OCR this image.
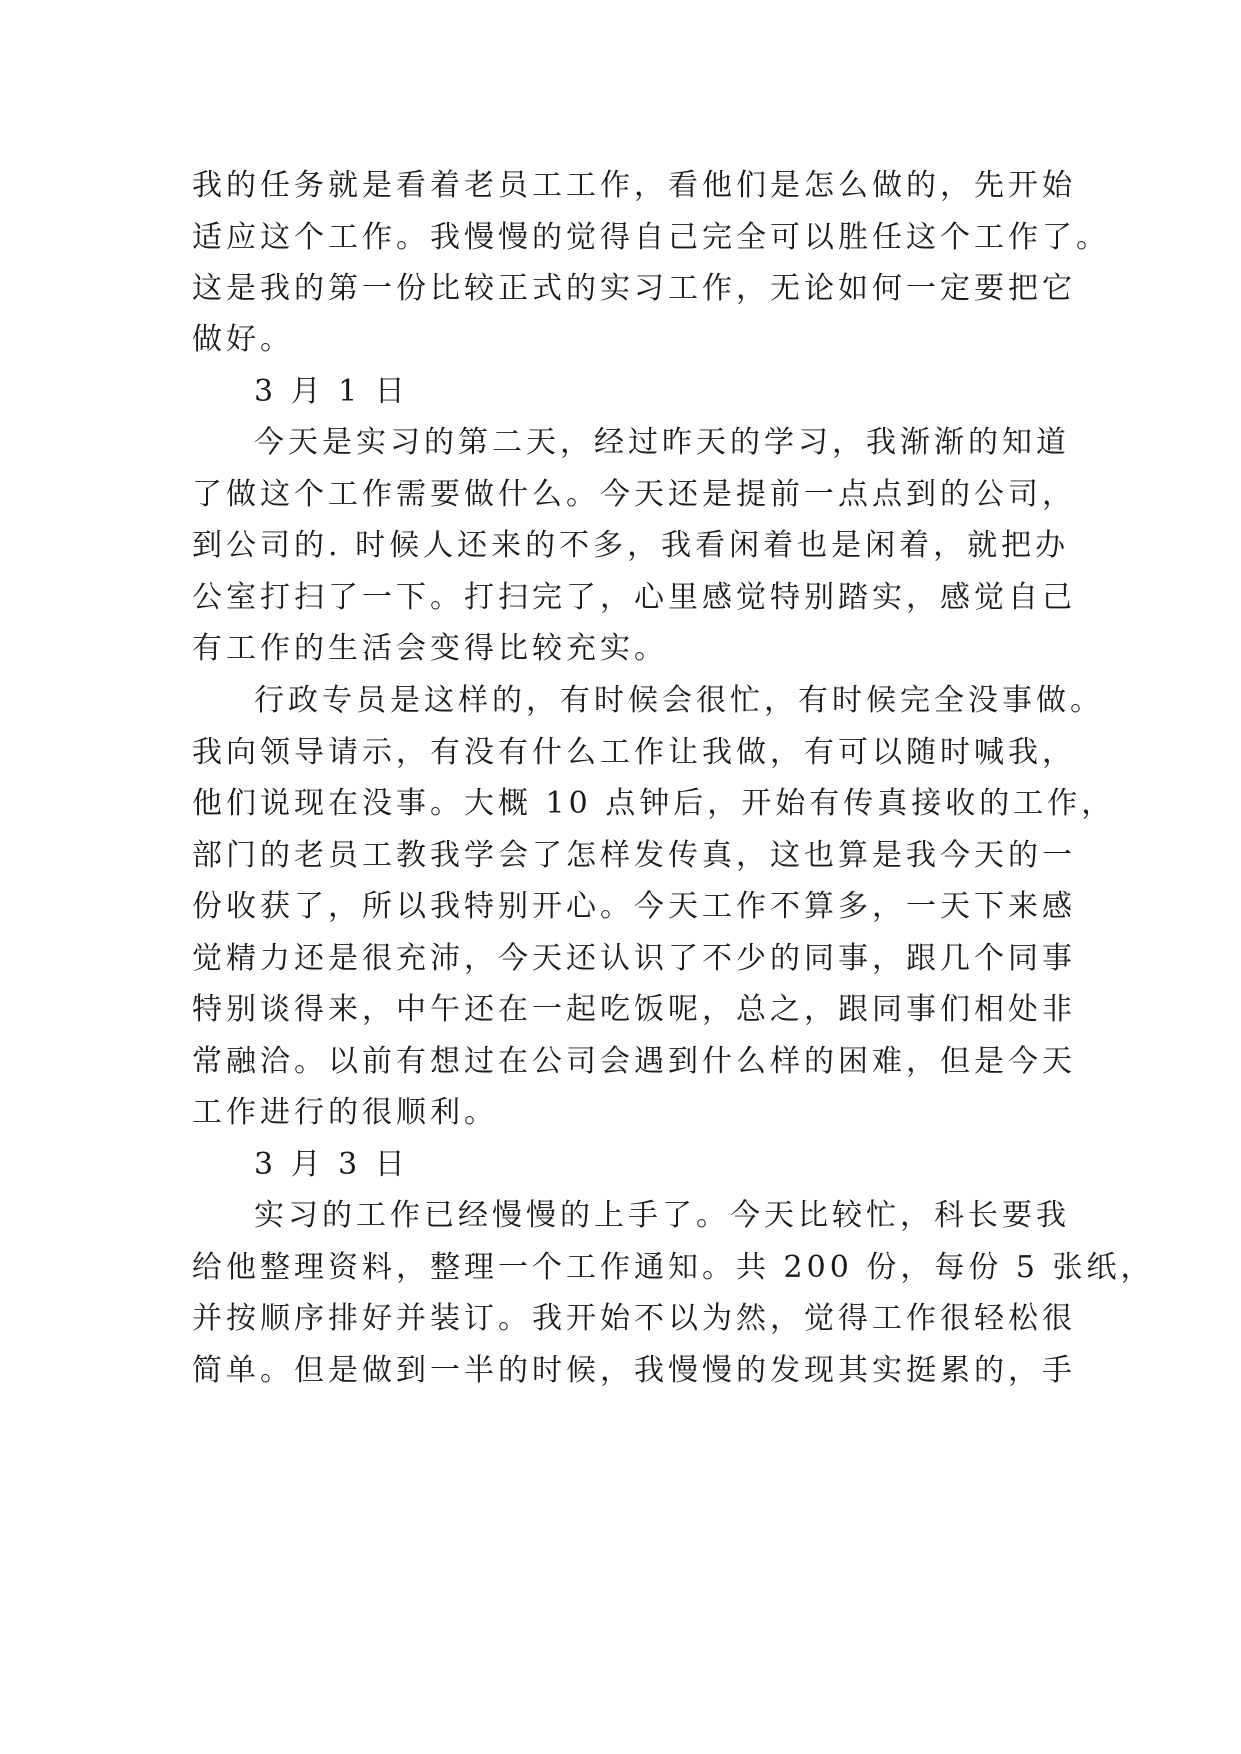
我的任务就是看着老员工工作，看他们是怎么做的，先开始

适应这个工作。我慢慢的觉得自己完全可以胜任这个工作了。

这是我的第一份比较正式的实习工作，无论如何一定要把它

做好。

3 月 1 日

今天是实习的第二天，经过昨天的学习，我渐渐的知道

了做这个工作需要做什么。今天还是提前一点点到的公司，

到公司的. 时候人还来的不多，我看闲着也是闲着，就把办

公室打扫了一下。打扫完了，心里感觉特别踏实，感觉自己

有工作的生活会变得比较充实。

行政专员是这样的，有时候会很忙，有时候完全没事做。

我向领导请示，有没有什么工作让我做，有可以随时喊我，

他们说现在没事。大概 10 点钟后，开始有传真接收的工作，

部门的老员工教我学会了怎样发传真，这也算是我今天的一

份收获了，所以我特别开心。今天工作不算多，一天下来感

觉精力还是很充沛，今天还认识了不少的同事，跟几个同事

特别谈得来，中午还在一起吃饭呢，总之，跟同事们相处非

常融洽。以前有想过在公司会遇到什么样的困难，但是今天

工作进行的很顺利。

3 月 3 日

实习的工作已经慢慢的上手了。今天比较忙，科长要我

给他整理资料，整理一个工作通知。共 200 份，每份 5 张纸，

并按顺序排好并装订。我开始不以为然，觉得工作很轻松很

简单。但是做到一半的时候，我慢慢的发现其实挺累的，手
